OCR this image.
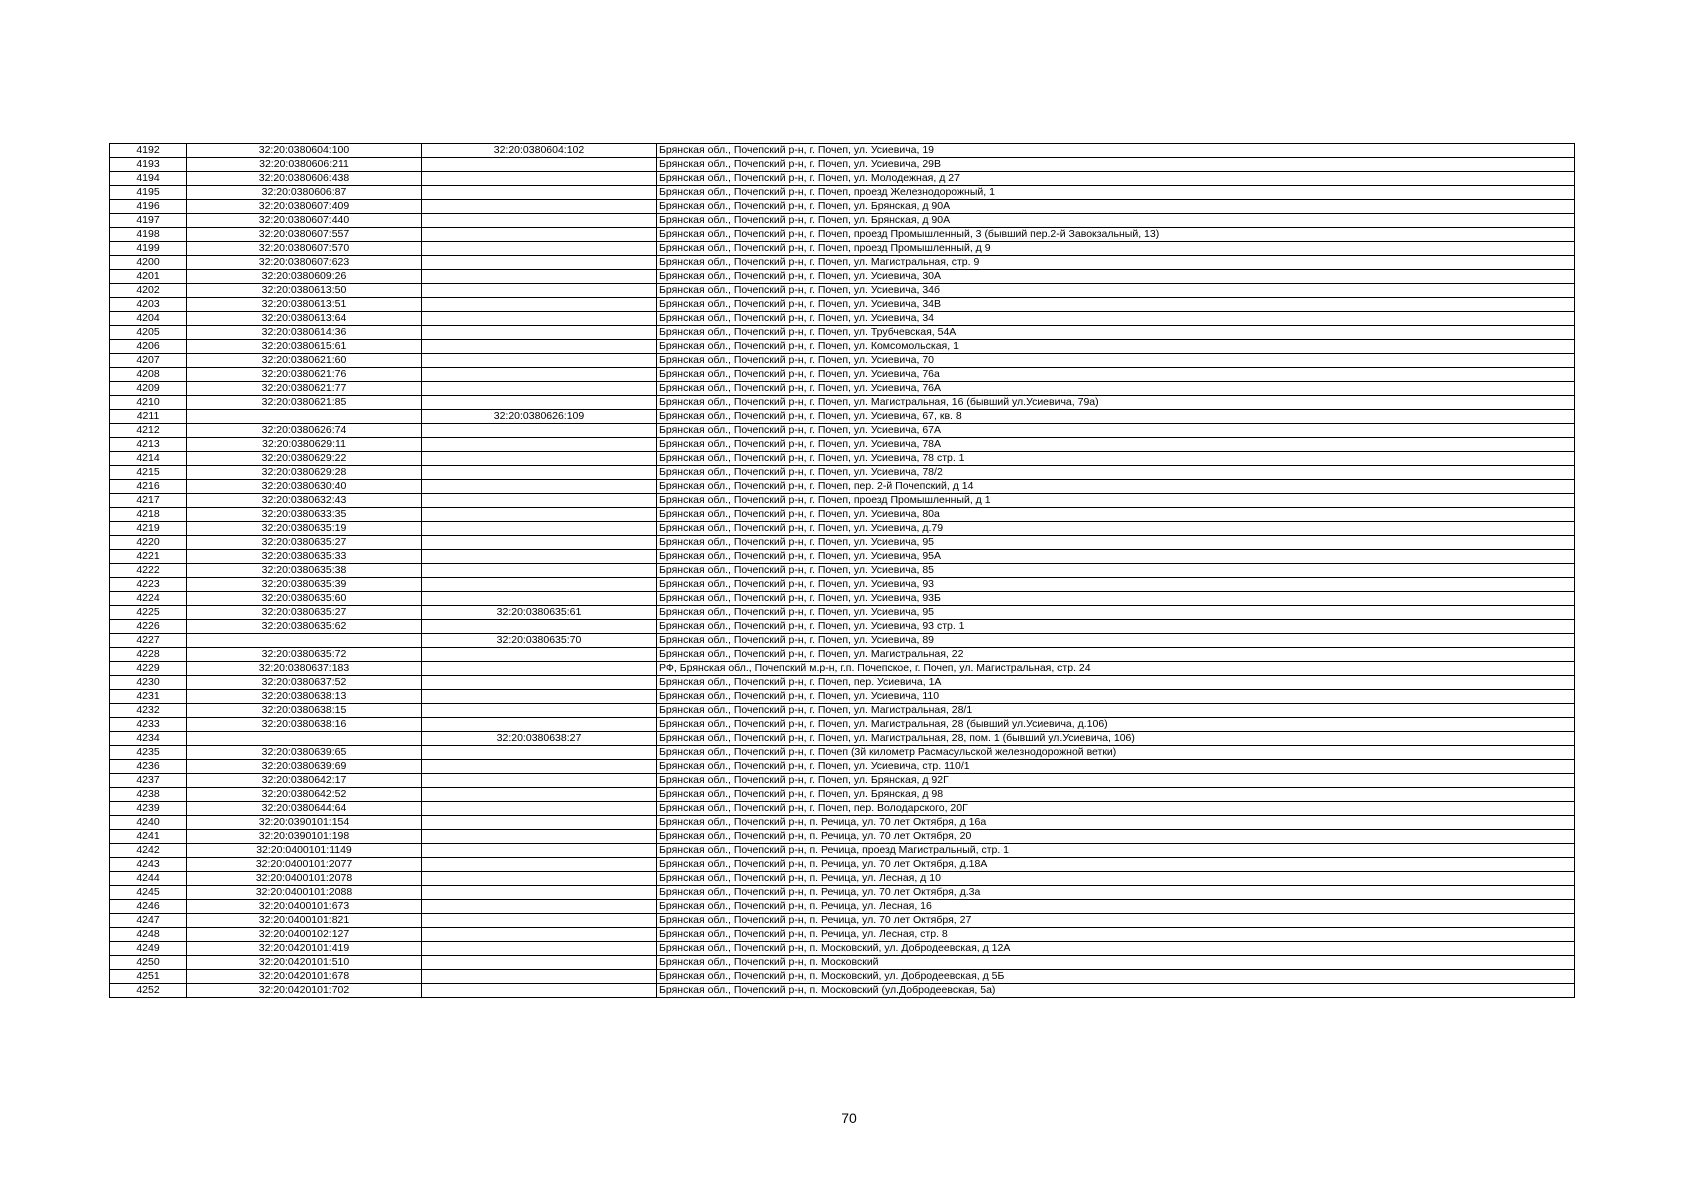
4192	32:20:0380604:100	32:20:0380604:102	Брянская обл., Почепский р-н, г. Почеп, ул. Усиевича, 19
4193	32:20:0380606:211		Брянская обл., Почепский р-н, г. Почеп, ул. Усиевича, 29В
4194	32:20:0380606:438		Брянская обл., Почепский р-н, г. Почеп, ул. Молодежная, д 27
4195	32:20:0380606:87		Брянская обл., Почепский р-н, г. Почеп, проезд Железнодорожный, 1
4196	32:20:0380607:409		Брянская обл., Почепский р-н, г. Почеп, ул. Брянская, д 90А
4197	32:20:0380607:440		Брянская обл., Почепский р-н, г. Почеп, ул. Брянская, д 90А
4198	32:20:0380607:557		Брянская обл., Почепский р-н, г. Почеп, проезд Промышленный, 3 (бывший пер.2-й Завокзальный, 13)
4199	32:20:0380607:570		Брянская обл., Почепский р-н, г. Почеп, проезд Промышленный, д 9
4200	32:20:0380607:623		Брянская обл., Почепский р-н, г. Почеп, ул. Магистральная, стр. 9
4201	32:20:0380609:26		Брянская обл., Почепский р-н, г. Почеп, ул. Усиевича, 30А
4202	32:20:0380613:50		Брянская обл., Почепский р-н, г. Почеп, ул. Усиевича, 34б
4203	32:20:0380613:51		Брянская обл., Почепский р-н, г. Почеп, ул. Усиевича, 34В
4204	32:20:0380613:64		Брянская обл., Почепский р-н, г. Почеп, ул. Усиевича, 34
4205	32:20:0380614:36		Брянская обл., Почепский р-н, г. Почеп, ул. Трубчевская, 54А
4206	32:20:0380615:61		Брянская обл., Почепский р-н, г. Почеп, ул. Комсомольская, 1
4207	32:20:0380621:60		Брянская обл., Почепский р-н, г. Почеп, ул. Усиевича, 70
4208	32:20:0380621:76		Брянская обл., Почепский р-н, г. Почеп, ул. Усиевича, 76а
4209	32:20:0380621:77		Брянская обл., Почепский р-н, г. Почеп, ул. Усиевича, 76А
4210	32:20:0380621:85		Брянская обл., Почепский р-н, г. Почеп, ул. Магистральная, 16 (бывший ул.Усиевича, 79а)
4211		32:20:0380626:109	Брянская обл., Почепский р-н, г. Почеп, ул. Усиевича, 67, кв. 8
4212	32:20:0380626:74		Брянская обл., Почепский р-н, г. Почеп, ул. Усиевича, 67А
4213	32:20:0380629:11		Брянская обл., Почепский р-н, г. Почеп, ул. Усиевича, 78А
4214	32:20:0380629:22		Брянская обл., Почепский р-н, г. Почеп, ул. Усиевича, 78 стр. 1
4215	32:20:0380629:28		Брянская обл., Почепский р-н, г. Почеп, ул. Усиевича, 78/2
4216	32:20:0380630:40		Брянская обл., Почепский р-н, г. Почеп, пер. 2-й Почепский, д 14
4217	32:20:0380632:43		Брянская обл., Почепский р-н, г. Почеп, проезд Промышленный, д 1
4218	32:20:0380633:35		Брянская обл., Почепский р-н, г. Почеп, ул. Усиевича, 80а
4219	32:20:0380635:19		Брянская обл., Почепский р-н, г. Почеп, ул. Усиевича, д.79
4220	32:20:0380635:27		Брянская обл., Почепский р-н, г. Почеп, ул. Усиевича, 95
4221	32:20:0380635:33		Брянская обл., Почепский р-н, г. Почеп, ул. Усиевича, 95А
4222	32:20:0380635:38		Брянская обл., Почепский р-н, г. Почеп, ул. Усиевича, 85
4223	32:20:0380635:39		Брянская обл., Почепский р-н, г. Почеп, ул. Усиевича, 93
4224	32:20:0380635:60		Брянская обл., Почепский р-н, г. Почеп, ул. Усиевича, 93Б
4225	32:20:0380635:27	32:20:0380635:61	Брянская обл., Почепский р-н, г. Почеп, ул. Усиевича, 95
4226	32:20:0380635:62		Брянская обл., Почепский р-н, г. Почеп, ул. Усиевича, 93 стр. 1
4227		32:20:0380635:70	Брянская обл., Почепский р-н, г. Почеп, ул. Усиевича, 89
4228	32:20:0380635:72		Брянская обл., Почепский р-н, г. Почеп, ул. Магистральная, 22
4229	32:20:0380637:183		РФ, Брянская обл., Почепский м.р-н, г.п. Почепское, г. Почеп, ул. Магистральная, стр. 24
4230	32:20:0380637:52		Брянская обл., Почепский р-н, г. Почеп, пер. Усиевича, 1А
4231	32:20:0380638:13		Брянская обл., Почепский р-н, г. Почеп, ул. Усиевича, 110
4232	32:20:0380638:15		Брянская обл., Почепский р-н, г. Почеп, ул. Магистральная, 28/1
4233	32:20:0380638:16		Брянская обл., Почепский р-н, г. Почеп, ул. Магистральная, 28 (бывший ул.Усиевича, д.106)
4234		32:20:0380638:27	Брянская обл., Почепский р-н, г. Почеп, ул. Магистральная, 28, пом. 1 (бывший ул.Усиевича, 106)
4235	32:20:0380639:65		Брянская обл., Почепский р-н, г. Почеп (3й километр Расмасульской железнодорожной ветки)
4236	32:20:0380639:69		Брянская обл., Почепский р-н, г. Почеп, ул. Усиевича, стр. 110/1
4237	32:20:0380642:17		Брянская обл., Почепский р-н, г. Почеп, ул. Брянская, д 92Г
4238	32:20:0380642:52		Брянская обл., Почепский р-н, г. Почеп, ул. Брянская, д 98
4239	32:20:0380644:64		Брянская обл., Почепский р-н, г. Почеп, пер. Володарского, 20Г
4240	32:20:0390101:154		Брянская обл., Почепский р-н, п. Речица, ул. 70 лет Октября, д 16а
4241	32:20:0390101:198		Брянская обл., Почепский р-н, п. Речица, ул. 70 лет Октября, 20
4242	32:20:0400101:1149		Брянская обл., Почепский р-н, п. Речица, проезд Магистральный, стр. 1
4243	32:20:0400101:2077		Брянская обл., Почепский р-н, п. Речица, ул. 70 лет Октября, д.18А
4244	32:20:0400101:2078		Брянская обл., Почепский р-н, п. Речица, ул. Лесная, д 10
4245	32:20:0400101:2088		Брянская обл., Почепский р-н, п. Речица, ул. 70 лет Октября, д.3а
4246	32:20:0400101:673		Брянская обл., Почепский р-н, п. Речица, ул. Лесная, 16
4247	32:20:0400101:821		Брянская обл., Почепский р-н, п. Речица, ул. 70 лет Октября, 27
4248	32:20:0400102:127		Брянская обл., Почепский р-н, п. Речица, ул. Лесная, стр. 8
4249	32:20:0420101:419		Брянская обл., Почепский р-н, п. Московский, ул. Добродеевская, д 12А
4250	32:20:0420101:510		Брянская обл., Почепский р-н, п. Московский
4251	32:20:0420101:678		Брянская обл., Почепский р-н, п. Московский, ул. Добродеевская, д 5Б
4252	32:20:0420101:702		Брянская обл., Почепский р-н, п. Московский (ул.Добродеевская, 5а)
70
